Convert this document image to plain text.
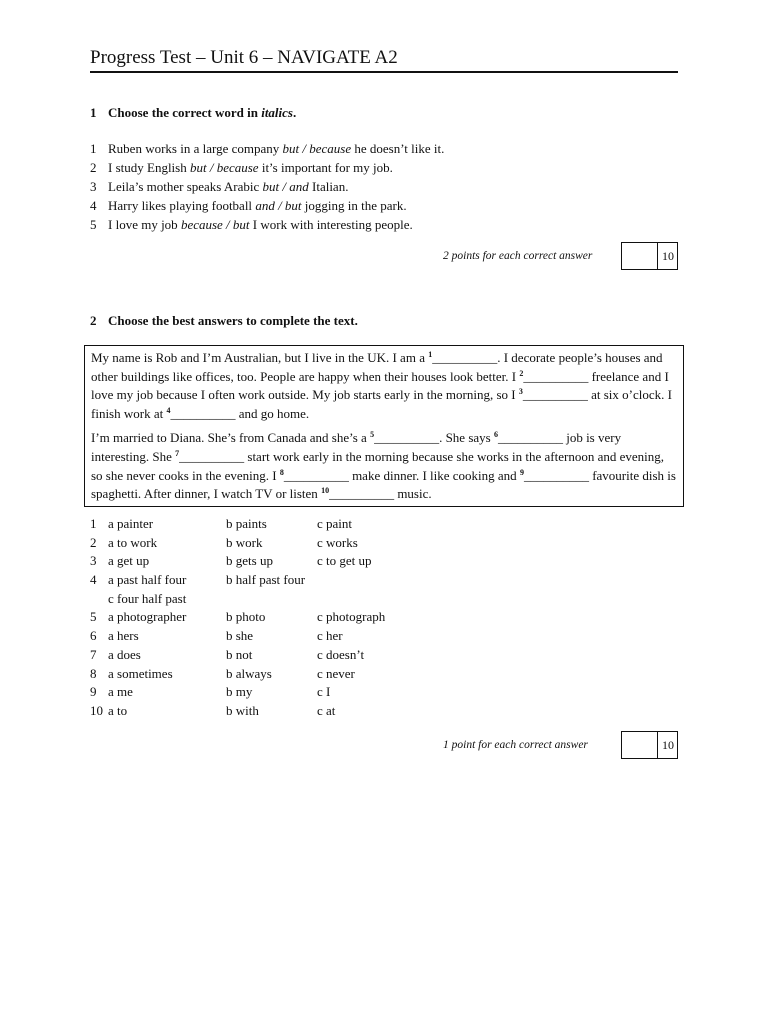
Progress Test – Unit 6 – NAVIGATE A2
1 Choose the correct word in italics.
1 Ruben works in a large company but / because he doesn’t like it.
2 I study English but / because it’s important for my job.
3 Leila’s mother speaks Arabic but / and Italian.
4 Harry likes playing football and / but jogging in the park.
5 I love my job because / but I work with interesting people.
2 points for each correct answer	10
2 Choose the best answers to complete the text.

My name is Rob and I’m Australian, but I live in the UK. I am a $^1$__________. I decorate people’s houses and other buildings like offices, too. People are happy when their houses look better. I $^2$__________ freelance and I love my job because I often work outside. My job starts early in the morning, so I $^3$__________ at six o’clock. I finish work at $^4$__________ and go home.

I’m married to Diana. She’s from Canada and she’s a $^5$__________. She says $^6$__________ job is very interesting. She $^7$__________ start work early in the morning because she works in the afternoon and evening, so she never cooks in the evening. I $^8$__________ make dinner. I like cooking and $^9$__________ favourite dish is spaghetti. After dinner, I watch TV or listen $^{10}$__________ music.

1 a painter	b paints	c paint
2 a to work	b work	c works
3 a get up	b gets up	c to get up
4 a past half four	b half past four
c four half past
5 a photographer	b photo	c photograph
6 a hers	b she	c her
7 a does	b not	c doesn’t
8 a sometimes	b always	c never
9 a me	b my	c I
10 a to	b with	c at
1 point for each correct answer	10
